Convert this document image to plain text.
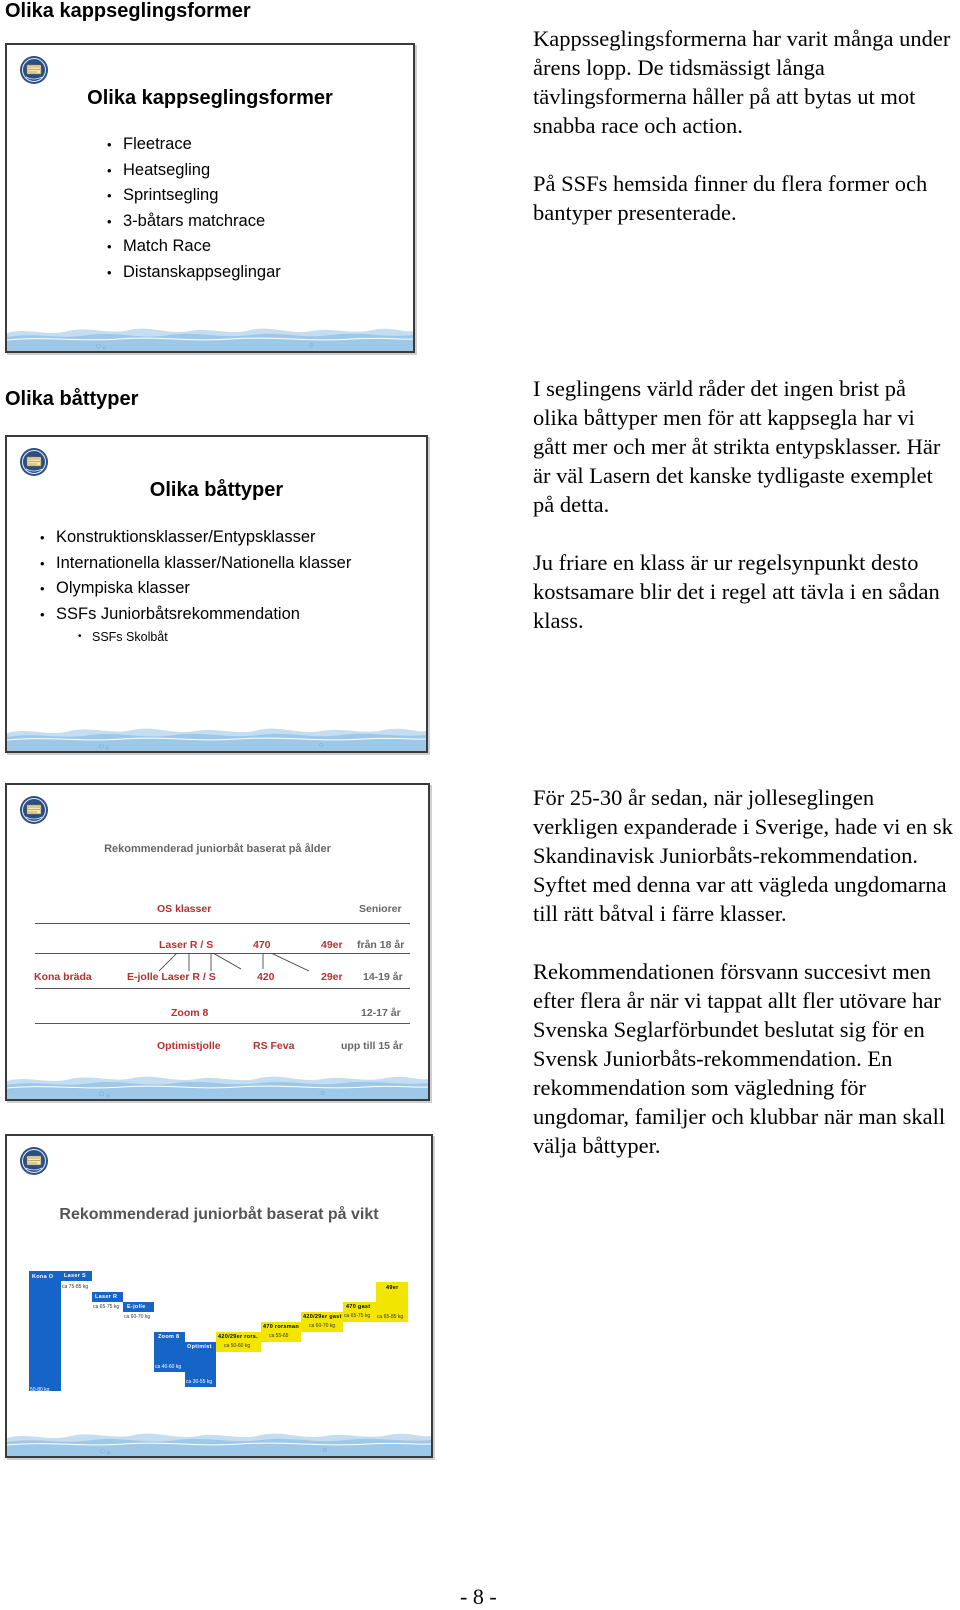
Olika kappseglingsformer
Olika kappseglingsformer
• Fleetrace
• Heatsegling
• Sprintsegling
• 3-båtars matchrace
• Match Race
• Distanskappseglingar

Kappsseglingsformerna har varit många under årens lopp. De tidsmässigt långa tävlingsformerna håller på att bytas ut mot snabba race och action.

På SSFs hemsida finner du flera former och bantyper presenterade.

Olika båttyper
Olika båttyper
• Konstruktionsklasser/Entypsklasser
• Internationella klasser/Nationella klasser
• Olympiska klasser
• SSFs Juniorbåtsrekommendation
• SSFs Skolbåt

I seglingens värld råder det ingen brist på olika båttyper men för att kappsegla har vi gått mer och mer åt strikta entypsklasser. Här är väl Lasern det kanske tydligaste exemplet på detta.

Ju friare en klass är ur regelsynpunkt desto kostsamare blir det i regel att tävla i en sådan klass.

Rekommenderad juniorbåt baserat på ålder
OS klasser	Seniorer
Laser R / S	470	49er från 18 år
Kona bräda	E-jolle Laser R / S	420	29er 14-19 år
Zoom 8	12-17 år
Optimistjolle	RS Feva	upp till 15 år

För 25-30 år sedan, när jolleseglingen verkligen expanderade i Sverige, hade vi en sk Skandinavisk Juniorbåts-rekommendation. Syftet med denna var att vägleda ungdomarna till rätt båtval i färre klasser.

Rekommendationen försvann succesivt men efter flera år när vi tappat allt fler utövare har Svenska Seglarförbundet beslutat sig för en Svensk Juniorbåts-rekommendation. En rekommendation som vägledning för ungdomar, familjer och klubbar när man skall välja båttyper.

Rekommenderad juniorbåt baserat på vikt
Kona O
50-80 kg
Laser S
ca 75-85 kg
Laser R
ca 65-75 kg E-jolle
ca 60-70 kg
Zoom 8
ca 40-60 kg
Optimist
ca 30-55 kg
420/29er rors.
ca 50-60 kg
470 rorsman
ca 55-65
420/29er gast
ca 60-70 kg
470 gast
ca 65-75 kg
49er
ca 65-85 kg
- 8 -
